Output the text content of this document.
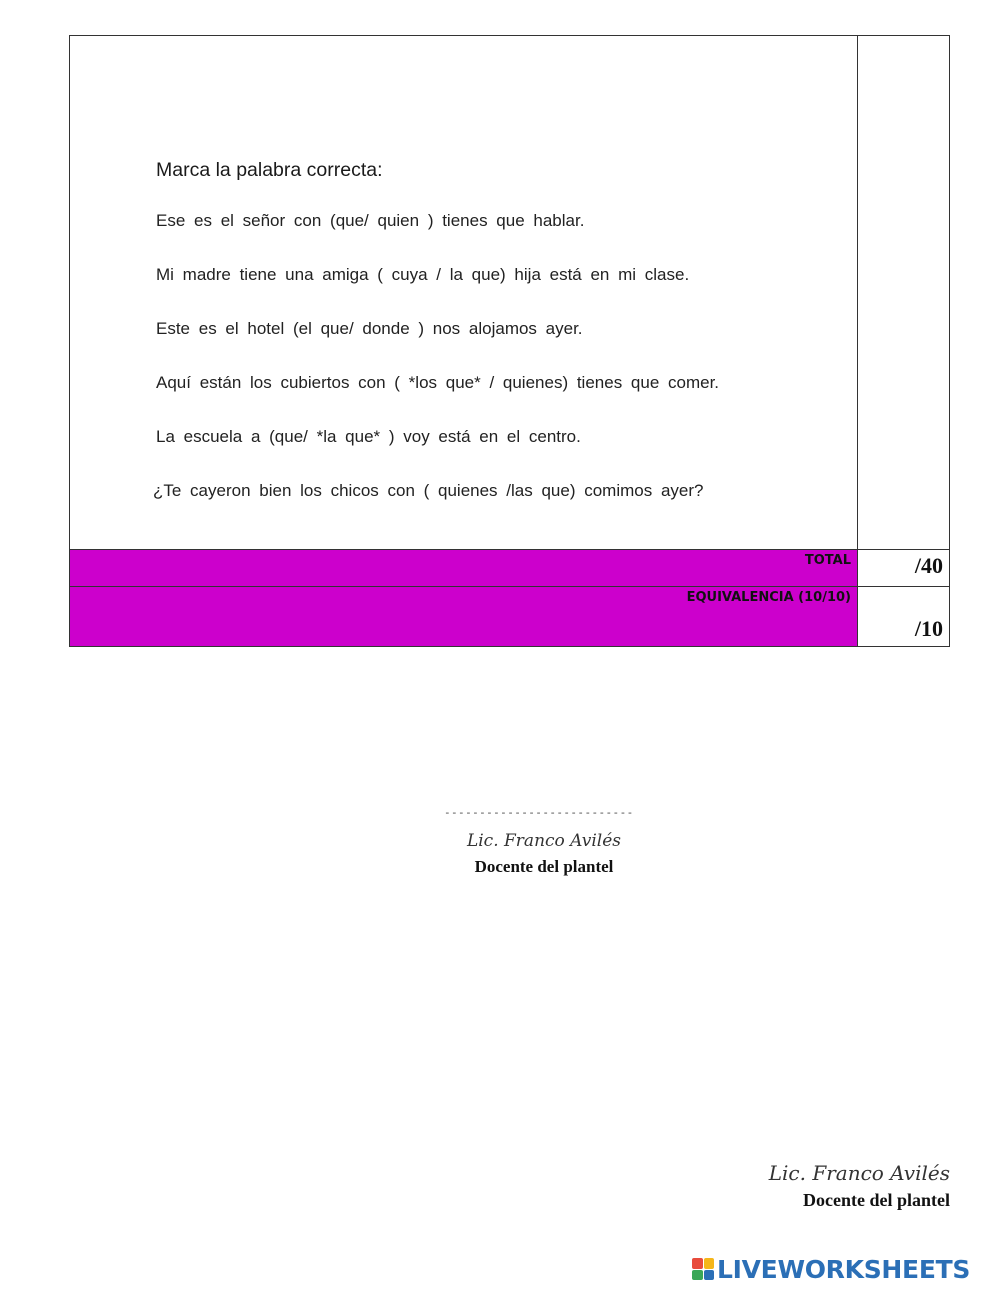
Marca la palabra correcta:
Ese es el señor con (que/ quien ) tienes que hablar.
Mi madre tiene una amiga ( cuya / la que) hija está en mi clase.
Este es el hotel (el que/ donde ) nos alojamos ayer.
Aquí están los cubiertos con ( *los que* / quienes) tienes que comer.
La escuela a (que/ *la que* ) voy está en el centro.
¿Te cayeron bien los chicos con ( quienes /las que) comimos ayer?
TOTAL	/40
EQUIVALENCIA (10/10)
/10
---------------------------
Lic. Franco Avilés
Docente del plantel
Lic. Franco Avilés
Docente del plantel
LIVEWORKSHEETS
